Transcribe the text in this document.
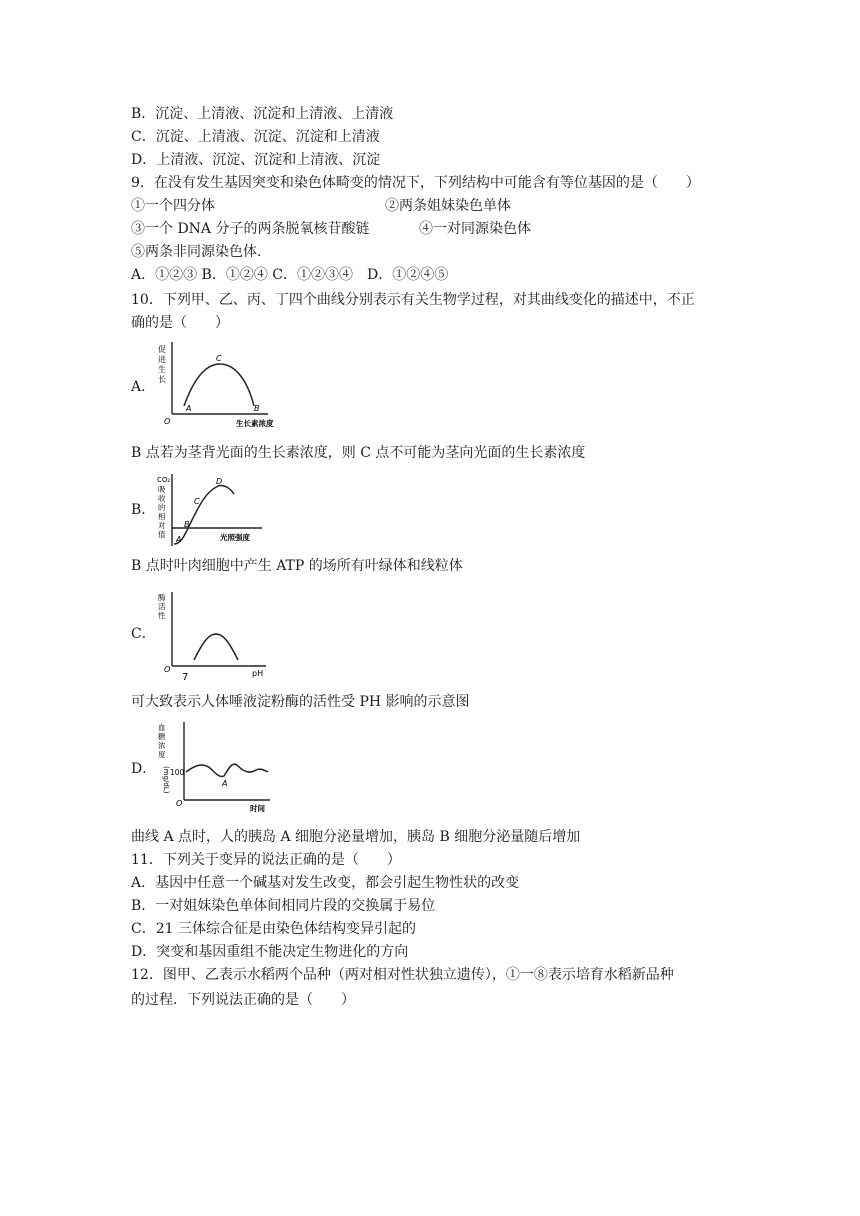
B．沉淀、上清液、沉淀和上清液、上清液
C．沉淀、上清液、沉淀、沉淀和上清液
D．上清液、沉淀、沉淀和上清液、沉淀
9．在没有发生基因突变和染色体畸变的情况下，下列结构中可能含有等位基因的是（　　）
①一个四分体	②两条姐妹染色单体
③一个 DNA 分子的两条脱氧核苷酸链	④一对同源染色体
⑤两条非同源染色体．
A．①②③ B．①②④ C．①②③④　D．①②④⑤
10．下列甲、乙、丙、丁四个曲线分别表示有关生物学过程，对其曲线变化的描述中，不正
确的是（　　）
A．
O
促
进
生
长
A
C
B
生长素浓度
B 点若为茎背光面的生长素浓度，则 C 点不可能为茎向光面的生长素浓度
B．
CO₂
吸
收
的
相
对
值
A
B
C
D
光照强度
B 点时叶肉细胞中产生 ATP 的场所有叶绿体和线粒体
C．
酶
活
性
O
7	pH
可大致表示人体唾液淀粉酶的活性受 PH 影响的示意图
D．
血
糖
浓
度
(mg/dL) 100
A
O
时间
曲线 A 点时，人的胰岛 A 细胞分泌量增加，胰岛 B 细胞分泌量随后增加
11．下列关于变异的说法正确的是（　　）
A．基因中任意一个碱基对发生改变，都会引起生物性状的改变
B．一对姐妹染色单体间相同片段的交换属于易位
C．21 三体综合征是由染色体结构变异引起的
D．突变和基因重组不能决定生物进化的方向
12．图甲、乙表示水稻两个品种（两对相对性状独立遗传），①一⑧表示培育水稻新品种
的过程．下列说法正确的是（　　）
